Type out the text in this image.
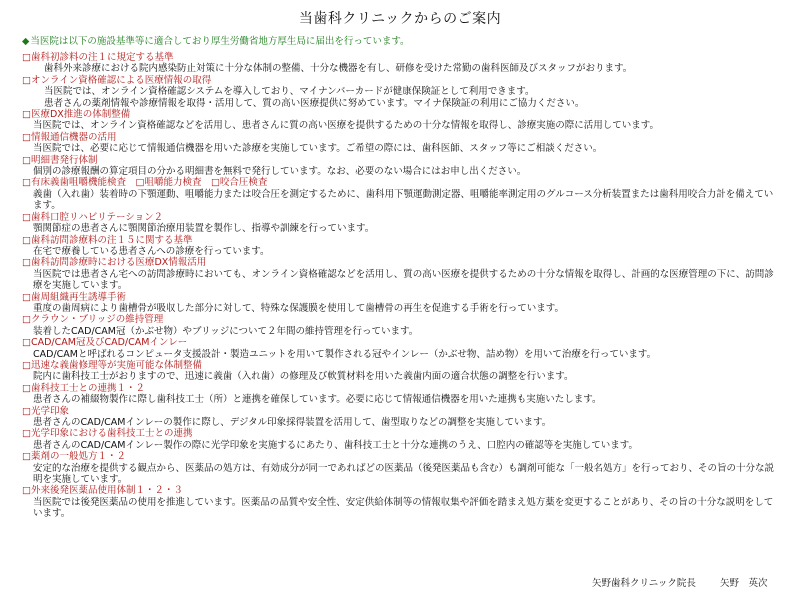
当歯科クリニックからのご案内
◆当医院は以下の施設基準等に適合しており厚生労働省地方厚生局に届出を行っています。
□歯科初診料の注１に規定する基準
歯科外来診療における院内感染防止対策に十分な体制の整備、十分な機器を有し、研修を受けた常勤の歯科医師及びスタッフがおります。
□オンライン資格確認による医療情報の取得
当医院では、オンライン資格確認システムを導入しており、マイナンバーカードが健康保険証として利用できます。
患者さんの薬剤情報や診療情報を取得・活用して、質の高い医療提供に努めています。マイナ保険証の利用にご協力ください。
□医療DX推進の体制整備
当医院では、オンライン資格確認などを活用し、患者さんに質の高い医療を提供するための十分な情報を取得し、診療実施の際に活用しています。
□情報通信機器の活用
当医院では、必要に応じて情報通信機器を用いた診療を実施しています。ご希望の際には、歯科医師、スタッフ等にご相談ください。
□明細書発行体制
個別の診療報酬の算定項目の分かる明細書を無料で発行しています。なお、必要のない場合にはお申し出ください。
□有床義歯咀嚼機能検査　□咀嚼能力検査　□咬合圧検査
義歯（入れ歯）装着時の下顎運動、咀嚼能力または咬合圧を測定するために、歯科用下顎運動測定器、咀嚼能率測定用のグルコース分析装置または歯科用咬合力計を備えています。
□歯科口腔リハビリテーション２
顎関節症の患者さんに顎関節治療用装置を製作し、指導や訓練を行っています。
□歯科訪問診療料の注１５に関する基準
在宅で療養している患者さんへの診療を行っています。
□歯科訪問診療時における医療DX情報活用
当医院では患者さん宅への訪問診療時においても、オンライン資格確認などを活用し、質の高い医療を提供するための十分な情報を取得し、計画的な医療管理の下に、訪問診療を実施しています。
□歯周組織再生誘導手術
重度の歯周病により歯槽骨が吸収した部分に対して、特殊な保護膜を使用して歯槽骨の再生を促進する手術を行っています。
□クラウン・ブリッジの維持管理
装着したCAD/CAM冠（かぶせ物）やブリッジについて２年間の維持管理を行っています。
□CAD/CAM冠及びCAD/CAMインレー
CAD/CAMと呼ばれるコンピュータ支援設計・製造ユニットを用いて製作される冠やインレー（かぶせ物、詰め物）を用いて治療を行っています。
□迅速な義歯修理等が実施可能な体制整備
院内に歯科技工士がおりますので、迅速に義歯（入れ歯）の修理及び軟質材料を用いた義歯内面の適合状態の調整を行います。
□歯科技工士との連携１・２
患者さんの補綴物製作に際し歯科技工士（所）と連携を確保しています。必要に応じて情報通信機器を用いた連携も実施いたします。
□光学印象
患者さんのCAD/CAMインレーの製作に際し、デジタル印象採得装置を活用して、歯型取りなどの調整を実施しています。
□光学印象における歯科技工士との連携
患者さんのCAD/CAMインレー製作の際に光学印象を実施するにあたり、歯科技工士と十分な連携のうえ、口腔内の確認等を実施しています。
□薬剤の一般処方１・２
安定的な治療を提供する観点から、医薬品の処方は、有効成分が同一であればどの医薬品（後発医薬品も含む）も調剤可能な「一般名処方」を行っており、その旨の十分な説明を実施しています。
□外来後発医薬品使用体制１・２・３
当医院では後発医薬品の使用を推進しています。医薬品の品質や安全性、安定供給体制等の情報収集や評価を踏まえ処方薬を変更することがあり、その旨の十分な説明をしています。
矢野歯科クリニック院長	矢野　英次
